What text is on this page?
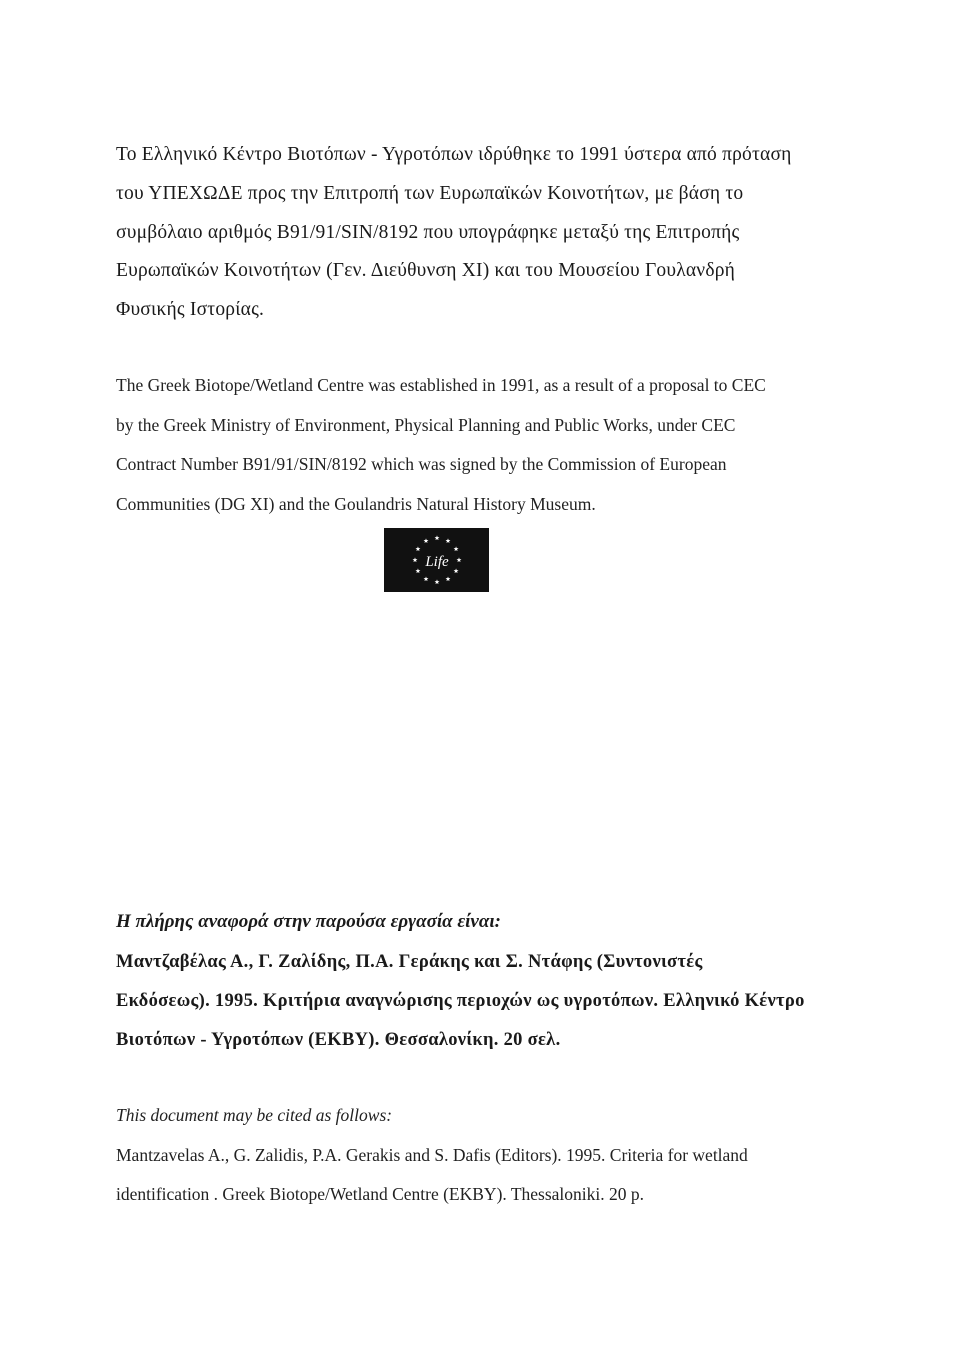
Το Ελληνικό Κέντρο Βιοτόπων - Υγροτόπων ιδρύθηκε το 1991 ύστερα από πρόταση
του ΥΠΕΧΩΔΕ προς την Επιτροπή των Ευρωπαϊκών Κοινοτήτων, με βάση το
συμβόλαιο αριθμός B91/91/SIN/8192 που υπογράφηκε μεταξύ της Επιτροπής
Ευρωπαϊκών Κοινοτήτων (Γεν. Διεύθυνση XI) και του Μουσείου Γουλανδρή
Φυσικής Ιστορίας.

The Greek Biotope/Wetland Centre was established in 1991, as a result of a proposal to CEC
by the Greek Ministry of Environment, Physical Planning and Public Works, under CEC
Contract Number B91/91/SIN/8192 which was signed by the Commission of European
Communities (DG XI) and the Goulandris Natural History Museum.

Life

Η πλήρης αναφορά στην παρούσα εργασία είναι:

Μαντζαβέλας Α., Γ. Ζαλίδης, Π.Α. Γεράκης και Σ. Ντάφης (Συντονιστές
Εκδόσεως). 1995. Κριτήρια αναγνώρισης περιοχών ως υγροτόπων. Ελληνικό Κέντρο
Βιοτόπων - Υγροτόπων (ΕΚΒΥ). Θεσσαλονίκη. 20 σελ.

This document may be cited as follows:

Mantzavelas A., G. Zalidis, P.A. Gerakis and S. Dafis (Editors). 1995. Criteria for wetland
identification . Greek Biotope/Wetland Centre (EKBY). Thessaloniki. 20 p.
